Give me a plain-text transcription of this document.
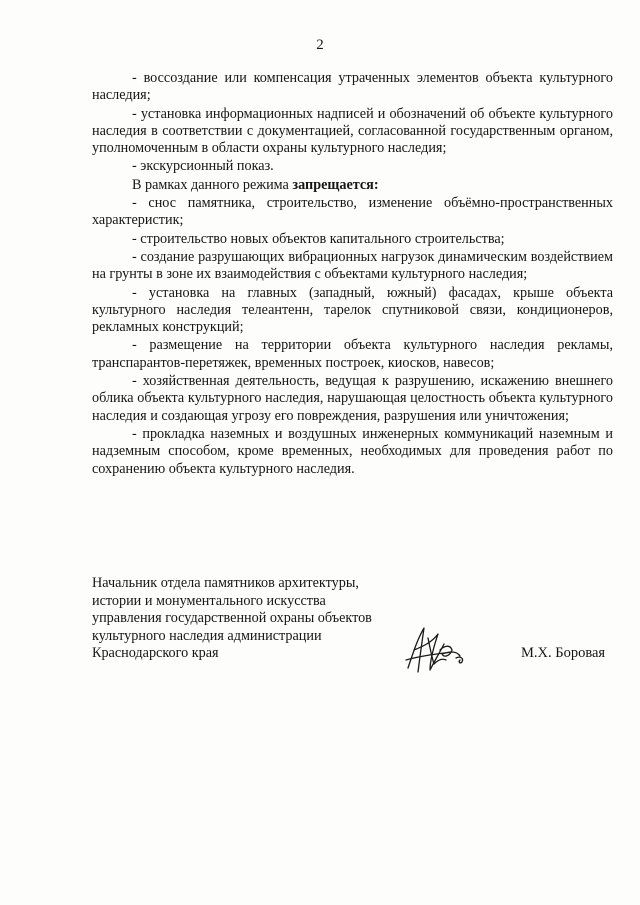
2

- воссоздание или компенсация утраченных элементов объекта культурного наследия;

- установка информационных надписей и обозначений об объекте культурного наследия в соответствии с документацией, согласованной государственным органом, уполномоченным в области охраны культурного наследия;

- экскурсионный показ.

В рамках данного режима запрещается:

- снос памятника, строительство, изменение объёмно-пространственных характеристик;

- строительство новых объектов капитального строительства;

- создание разрушающих вибрационных нагрузок динамическим воздействием на грунты в зоне их взаимодействия с объектами культурного наследия;

- установка на главных (западный, южный) фасадах, крыше объекта культурного наследия телеантенн, тарелок спутниковой связи, кондиционеров, рекламных конструкций;

- размещение на территории объекта культурного наследия рекламы, транспарантов-перетяжек, временных построек, киосков, навесов;

- хозяйственная деятельность, ведущая к разрушению, искажению внешнего облика объекта культурного наследия, нарушающая целостность объекта культурного наследия и создающая угрозу его повреждения, разрушения или уничтожения;

- прокладка наземных и воздушных инженерных коммуникаций наземным и надземным способом, кроме временных, необходимых для проведения работ по сохранению объекта культурного наследия.

Начальник отдела памятников архитектуры,
истории и монументального искусства
управления государственной охраны объектов
культурного наследия администрации
Краснодарского края	М.Х. Боровая
